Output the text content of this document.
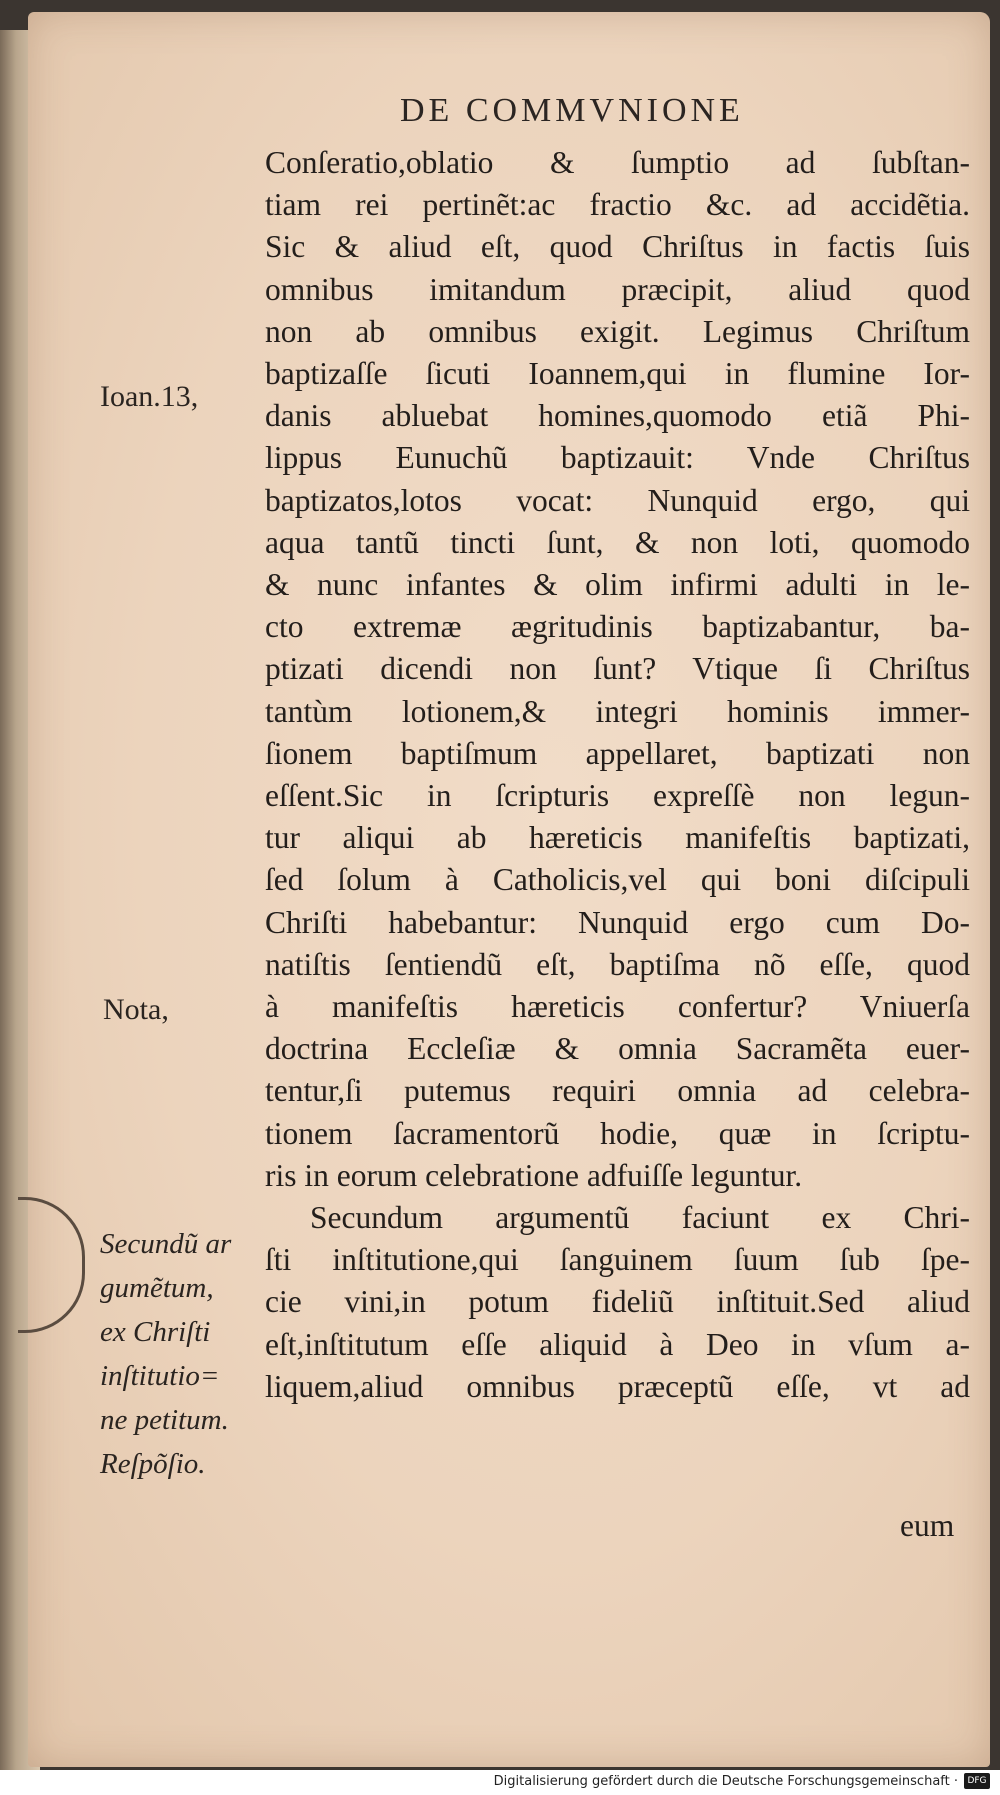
DE COMMVNIONE
Conſeratio,oblatio & ſumptio ad ſubſtan-
tiam rei pertinẽt:ac fractio &c. ad accidẽtia.
Sic & aliud eſt, quod Chriſtus in factis ſuis
omnibus imitandum præcipit, aliud quod
non ab omnibus exigit. Legimus Chriſtum
baptizaſſe ſicuti Ioannem,qui in flumine Ior-
danis abluebat homines,quomodo etiã Phi-
lippus Eunuchũ baptizauit: Vnde Chriſtus
baptizatos,lotos vocat: Nunquid ergo, qui
aqua tantũ tincti ſunt, & non loti, quomodo
& nunc infantes & olim infirmi adulti in le-
cto extremæ ægritudinis baptizabantur, ba-
ptizati dicendi non ſunt? Vtique ſi Chriſtus
tantùm lotionem,& integri hominis immer-
ſionem baptiſmum appellaret, baptizati non
eſſent.Sic in ſcripturis expreſſè non legun-
tur aliqui ab hæreticis manifeſtis baptizati,
ſed ſolum à Catholicis,vel qui boni diſcipuli
Chriſti habebantur: Nunquid ergo cum Do-
natiſtis ſentiendũ eſt, baptiſma nõ eſſe, quod
à manifeſtis hæreticis confertur? Vniuerſa
doctrina Eccleſiæ & omnia Sacramẽta euer-
tentur,ſi putemus requiri omnia ad celebra-
tionem ſacramentorũ hodie, quæ in ſcriptu-
ris in eorum celebratione adfuiſſe leguntur.
Secundum argumentũ faciunt ex Chri-
ſti inſtitutione,qui ſanguinem ſuum ſub ſpe-
cie vini,in potum fideliũ inſtituit.Sed aliud
eſt,inſtitutum eſſe aliquid à Deo in vſum a-
liquem,aliud omnibus præceptũ eſſe, vt ad
eum
Ioan.13,
Nota,
Secundũ ar
gumẽtum,
ex Chriſti
inſtitutio=
ne petitum.
Reſpõſio.
Digitalisierung gefördert durch die Deutsche Forschungsgemeinschaft ·	DFG
